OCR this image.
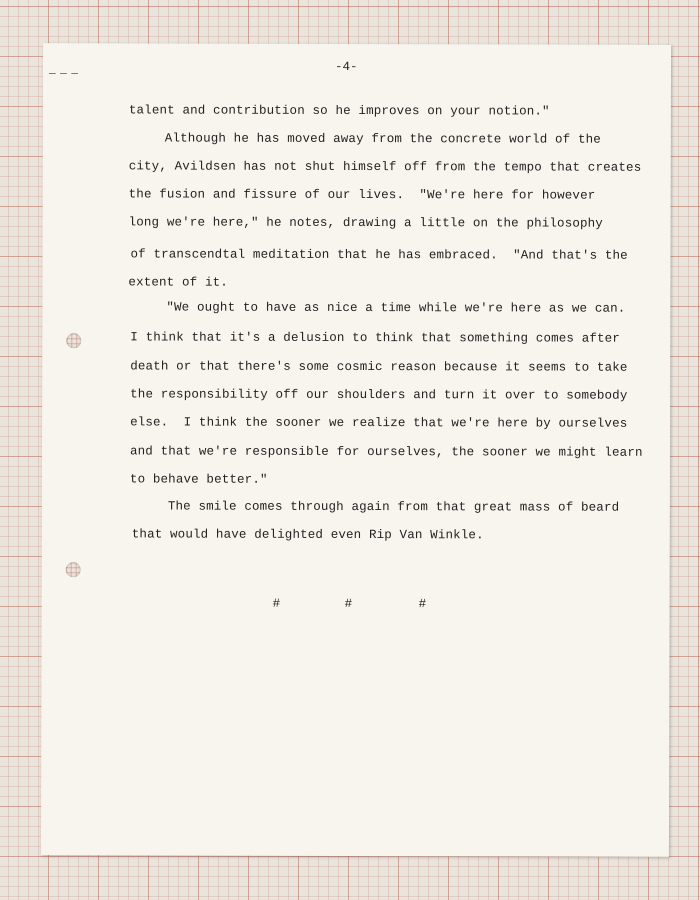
— — —
-4-
talent and contribution so he improves on your notion."
Although he has moved away from the concrete world of the
city, Avildsen has not shut himself off from the tempo that creates
the fusion and fissure of our lives.  "We're here for however
long we're here," he notes, drawing a little on the philosophy
of transcendtal meditation that he has embraced.  "And that's the
extent of it.
"We ought to have as nice a time while we're here as we can.
I think that it's a delusion to think that something comes after
death or that there's some cosmic reason because it seems to take
the responsibility off our shoulders and turn it over to somebody
else.  I think the sooner we realize that we're here by ourselves
and that we're responsible for ourselves, the sooner we might learn
to behave better."
The smile comes through again from that great mass of beard
that would have delighted even Rip Van Winkle.
#	#	#
